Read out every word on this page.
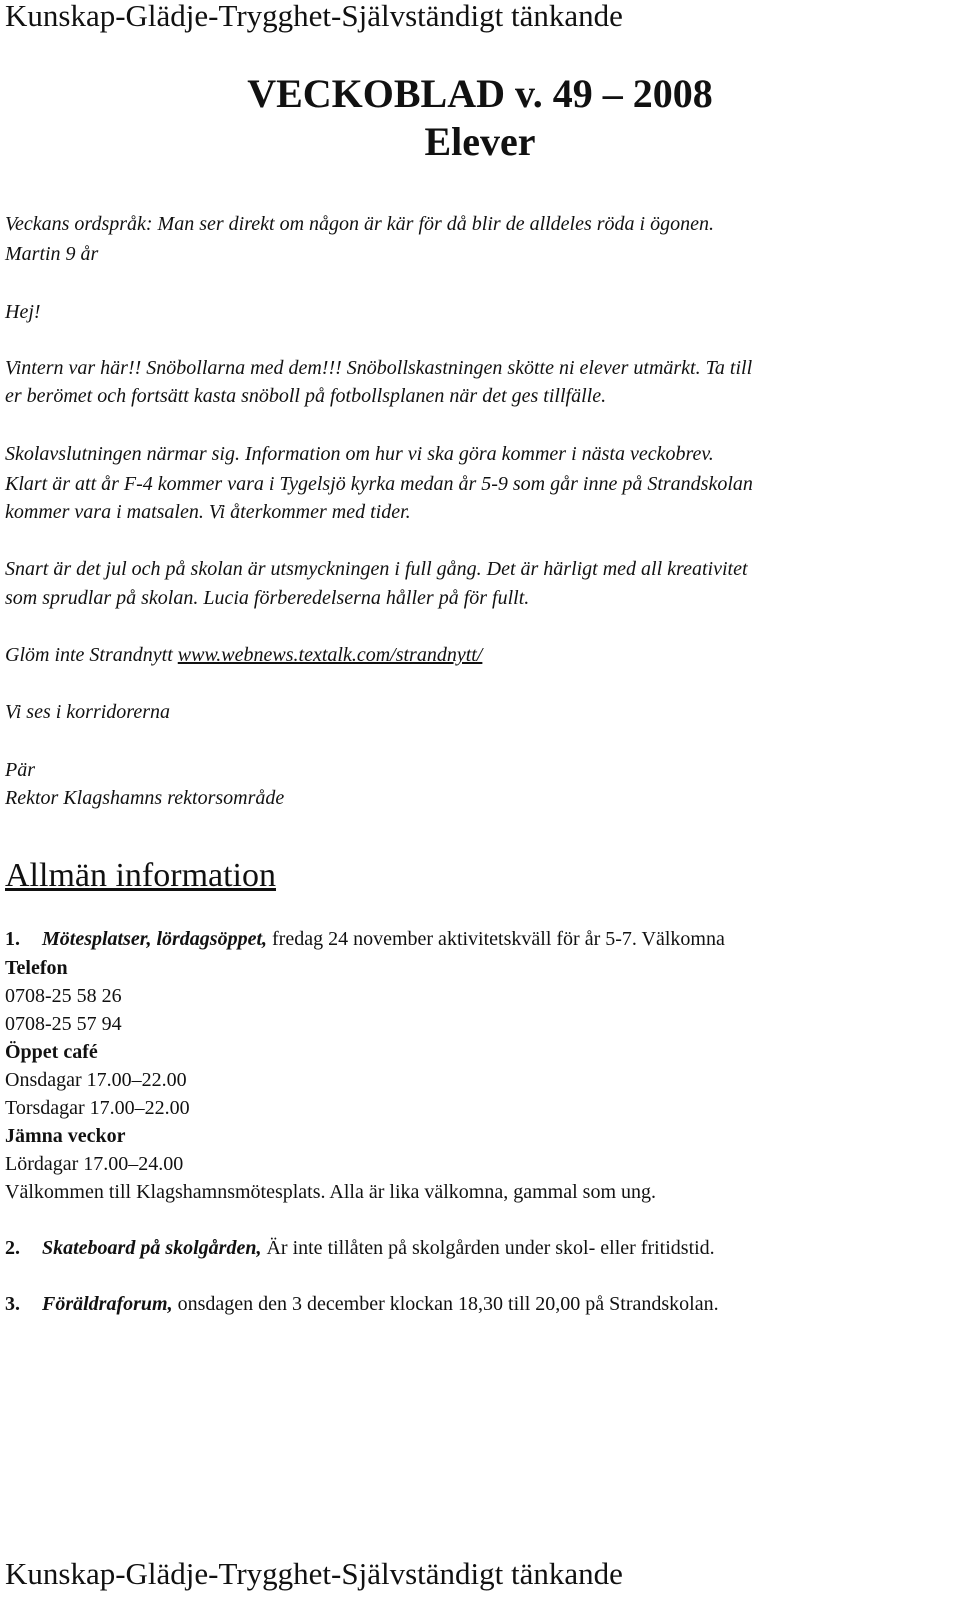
Kunskap-Glädje-Trygghet-Självständigt tänkande
VECKOBLAD v. 49 – 2008
Elever
Veckans ordspråk: Man ser direkt om någon är kär för då blir de alldeles röda i ögonen.
Martin 9 år
Hej!
Vintern var här!! Snöbollarna med dem!!! Snöbollskastningen skötte ni elever utmärkt. Ta till
er berömet och fortsätt kasta snöboll på fotbollsplanen när det ges tillfälle.
Skolavslutningen närmar sig. Information om hur vi ska göra kommer i nästa veckobrev.
Klart är att år F-4 kommer vara i Tygelsjö kyrka medan år 5-9 som går inne på Strandskolan
kommer vara i matsalen. Vi återkommer med tider.
Snart är det jul och på skolan är utsmyckningen i full gång. Det är härligt med all kreativitet
som sprudlar på skolan. Lucia förberedelserna håller på för fullt.
Glöm inte Strandnytt www.webnews.textalk.com/strandnytt/
Vi ses i korridorerna
Pär
Rektor Klagshamns rektorsområde
Allmän information
1. Mötesplatser, lördagsöppet, fredag 24 november aktivitetskväll för år 5-7. Välkomna
Telefon
0708-25 58 26
0708-25 57 94
Öppet café
Onsdagar 17.00–22.00
Torsdagar 17.00–22.00
Jämna veckor
Lördagar 17.00–24.00
Välkommen till Klagshamnsmötesplats. Alla är lika välkomna, gammal som ung.
2. Skateboard på skolgården, Är inte tillåten på skolgården under skol- eller fritidstid.
3. Föräldraforum, onsdagen den 3 december klockan 18,30 till 20,00 på Strandskolan.
Kunskap-Glädje-Trygghet-Självständigt tänkande
